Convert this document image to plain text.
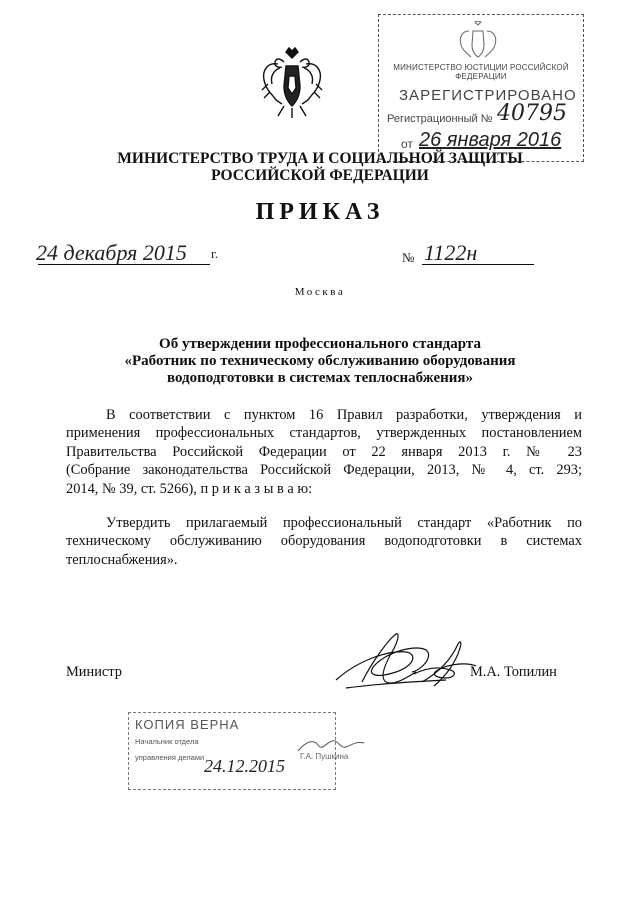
МИНИСТЕРСТВО ЮСТИЦИИ РОССИЙСКОЙ ФЕДЕРАЦИИ
ЗАРЕГИСТРИРОВАНО
Регистрационный № 40795
от 26 января 2016
МИНИСТЕРСТВО ТРУДА И СОЦИАЛЬНОЙ ЗАЩИТЫ
РОССИЙСКОЙ ФЕДЕРАЦИИ
ПРИКАЗ
24 декабря 2015 г.	№ 1122н
Москва
Об утверждении профессионального стандарта
«Работник по техническому обслуживанию оборудования
водоподготовки в системах теплоснабжения»
В соответствии с пунктом 16 Правил разработки, утверждения и
применения профессиональных стандартов, утвержденных постановлением
Правительства Российской Федерации от 22 января 2013 г. № 23
(Собрание законодательства Российской Федерации, 2013, № 4, ст. 293;
2014, № 39, ст. 5266), п р и к а з ы в а ю:
Утвердить прилагаемый профессиональный стандарт «Работник по
техническому обслуживанию оборудования водоподготовки в системах
теплоснабжения».
Министр	М.А. Топилин
КОПИЯ ВЕРНА
Начальник отдела
управления делами	Г.А. Пушкина
24.12.2015
